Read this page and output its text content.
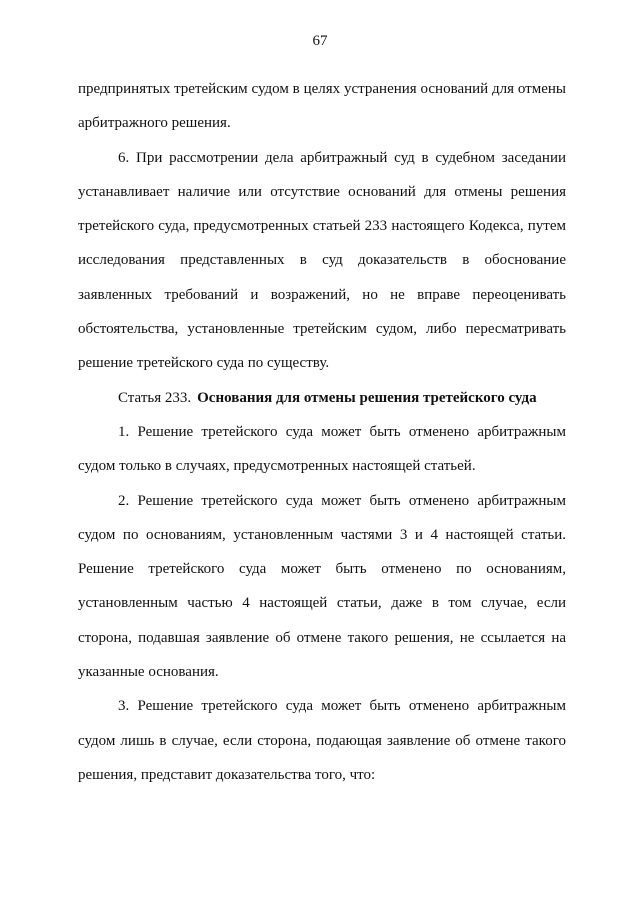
67

предпринятых третейским судом в целях устранения оснований для отмены арбитражного решения.

6. При рассмотрении дела арбитражный суд в судебном заседании устанавливает наличие или отсутствие оснований для отмены решения третейского суда, предусмотренных статьей 233 настоящего Кодекса, путем исследования представленных в суд доказательств в обоснование заявленных требований и возражений, но не вправе переоценивать обстоятельства, установленные третейским судом, либо пересматривать решение третейского суда по существу.

Статья 233. Основания для отмены решения третейского суда

1. Решение третейского суда может быть отменено арбитражным судом только в случаях, предусмотренных настоящей статьей.

2. Решение третейского суда может быть отменено арбитражным судом по основаниям, установленным частями 3 и 4 настоящей статьи. Решение третейского суда может быть отменено по основаниям, установленным частью 4 настоящей статьи, даже в том случае, если сторона, подавшая заявление об отмене такого решения, не ссылается на указанные основания.

3. Решение третейского суда может быть отменено арбитражным судом лишь в случае, если сторона, подающая заявление об отмене такого решения, представит доказательства того, что:
